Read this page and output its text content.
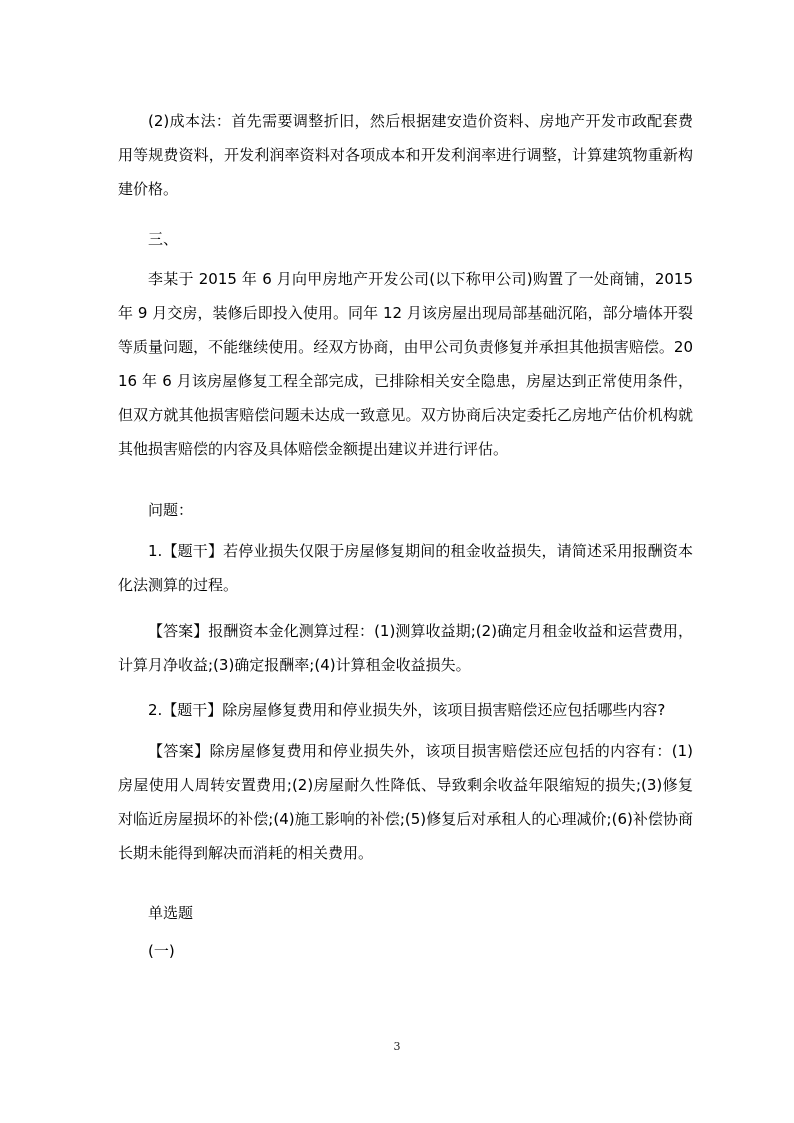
(2)成本法：首先需要调整折旧，然后根据建安造价资料、房地产开发市政配套费用等规费资料，开发利润率资料对各项成本和开发利润率进行调整，计算建筑物重新构建价格。

三、

李某于 2015 年 6 月向甲房地产开发公司(以下称甲公司)购置了一处商铺，2015 年 9 月交房，装修后即投入使用。同年 12 月该房屋出现局部基础沉陷，部分墙体开裂等质量问题，不能继续使用。经双方协商，由甲公司负责修复并承担其他损害赔偿。2016 年 6 月该房屋修复工程全部完成，已排除相关安全隐患，房屋达到正常使用条件，但双方就其他损害赔偿问题未达成一致意见。双方协商后决定委托乙房地产估价机构就其他损害赔偿的内容及具体赔偿金额提出建议并进行评估。

问题：

1.【题干】若停业损失仅限于房屋修复期间的租金收益损失，请简述采用报酬资本化法测算的过程。

【答案】报酬资本金化测算过程：(1)测算收益期;(2)确定月租金收益和运营费用，计算月净收益;(3)确定报酬率;(4)计算租金收益损失。

2.【题干】除房屋修复费用和停业损失外，该项目损害赔偿还应包括哪些内容?

【答案】除房屋修复费用和停业损失外，该项目损害赔偿还应包括的内容有：(1)房屋使用人周转安置费用;(2)房屋耐久性降低、导致剩余收益年限缩短的损失;(3)修复对临近房屋损坏的补偿;(4)施工影响的补偿;(5)修复后对承租人的心理减价;(6)补偿协商长期未能得到解决而消耗的相关费用。

单选题

(一)

3
